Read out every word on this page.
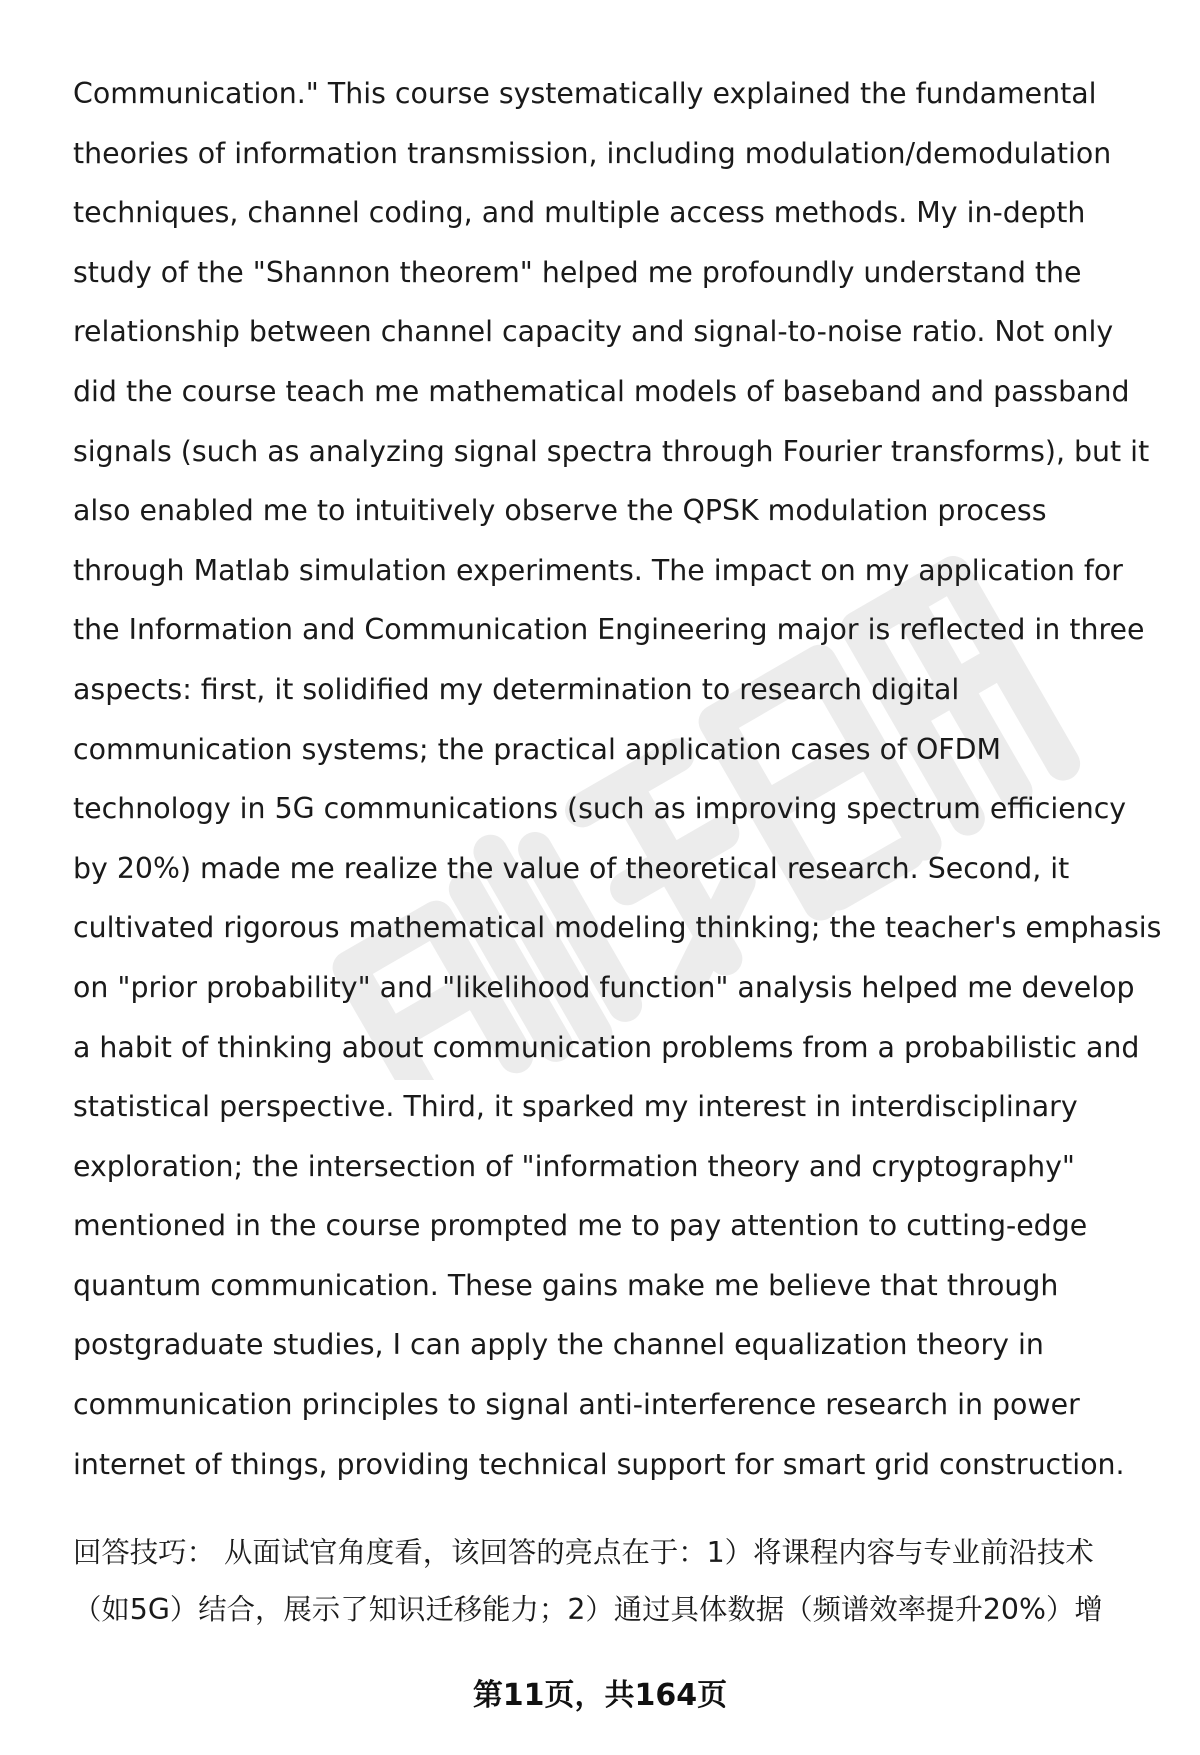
Communication." This course systematically explained the fundamental
theories of information transmission, including modulation/demodulation
techniques, channel coding, and multiple access methods. My in-depth
study of the "Shannon theorem" helped me profoundly understand the
relationship between channel capacity and signal-to-noise ratio. Not only
did the course teach me mathematical models of baseband and passband
signals (such as analyzing signal spectra through Fourier transforms), but it
also enabled me to intuitively observe the QPSK modulation process
through Matlab simulation experiments. The impact on my application for
the Information and Communication Engineering major is reflected in three
aspects: first, it solidified my determination to research digital
communication systems; the practical application cases of OFDM
technology in 5G communications (such as improving spectrum efficiency
by 20%) made me realize the value of theoretical research. Second, it
cultivated rigorous mathematical modeling thinking; the teacher's emphasis
on "prior probability" and "likelihood function" analysis helped me develop
a habit of thinking about communication problems from a probabilistic and
statistical perspective. Third, it sparked my interest in interdisciplinary
exploration; the intersection of "information theory and cryptography"
mentioned in the course prompted me to pay attention to cutting-edge
quantum communication. These gains make me believe that through
postgraduate studies, I can apply the channel equalization theory in
communication principles to signal anti-interference research in power
internet of things, providing technical support for smart grid construction.
回答技巧： 从面试官角度看，该回答的亮点在于：1）将课程内容与专业前沿技术
（如5G）结合，展示了知识迁移能力；2）通过具体数据（频谱效率提升20%）增
第11页，共164页
